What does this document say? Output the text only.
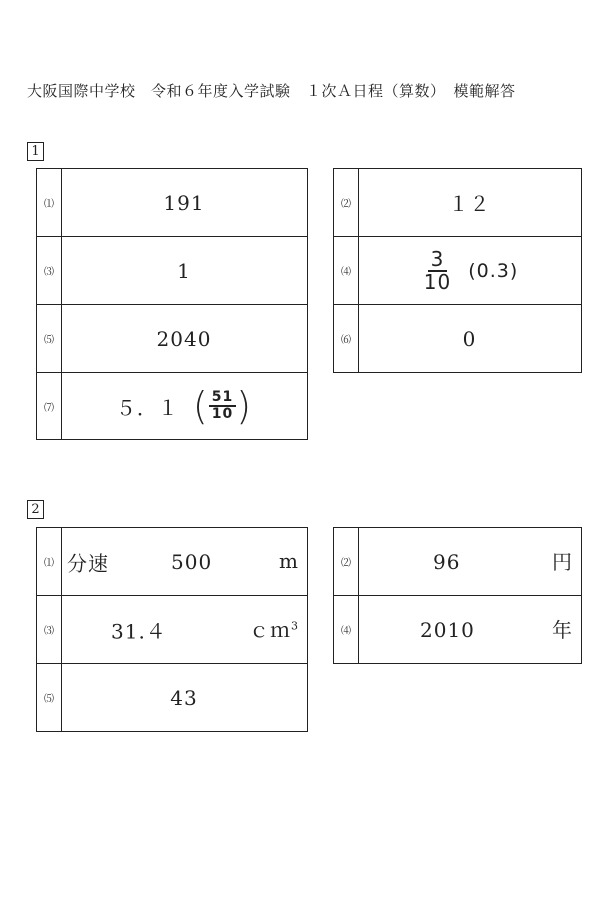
大阪国際中学校　令和６年度入学試験　１次Ａ日程（算数）　模範解答
1
⑴	191	⑵	１２
⑶	1	⑷	$\frac{3}{10} (0.3)$
⑸	2040	⑹	0
⑺	５．１ ( $\frac{51}{10}$ )
2
⑴ 分速	500	m	⑵	96	円
⑶	31.４	ｃｍ$^3$	⑷	2010	年
⑸	43
